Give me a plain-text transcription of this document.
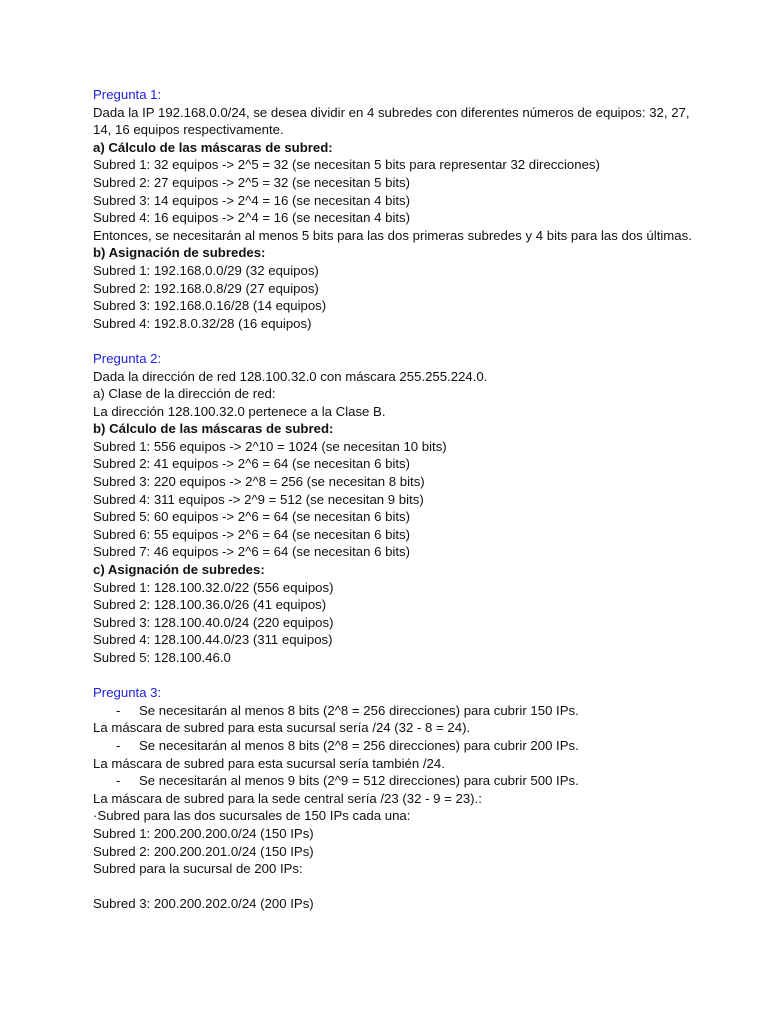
Pregunta 1:
Dada la IP 192.168.0.0/24, se desea dividir en 4 subredes con diferentes números de equipos: 32, 27, 14, 16 equipos respectivamente.
a) Cálculo de las máscaras de subred:
Subred 1: 32 equipos -> 2^5 = 32 (se necesitan 5 bits para representar 32 direcciones)
Subred 2: 27 equipos -> 2^5 = 32 (se necesitan 5 bits)
Subred 3: 14 equipos -> 2^4 = 16 (se necesitan 4 bits)
Subred 4: 16 equipos -> 2^4 = 16 (se necesitan 4 bits)
Entonces, se necesitarán al menos 5 bits para las dos primeras subredes y 4 bits para las dos últimas.
b) Asignación de subredes:
Subred 1: 192.168.0.0/29 (32 equipos)
Subred 2: 192.168.0.8/29 (27 equipos)
Subred 3: 192.168.0.16/28 (14 equipos)
Subred 4: 192.8.0.32/28 (16 equipos)
Pregunta 2:
Dada la dirección de red 128.100.32.0 con máscara 255.255.224.0.
a) Clase de la dirección de red:
La dirección 128.100.32.0 pertenece a la Clase B.
b) Cálculo de las máscaras de subred:
Subred 1: 556 equipos -> 2^10 = 1024 (se necesitan 10 bits)
Subred 2: 41 equipos -> 2^6 = 64 (se necesitan 6 bits)
Subred 3: 220 equipos -> 2^8 = 256 (se necesitan 8 bits)
Subred 4: 311 equipos -> 2^9 = 512 (se necesitan 9 bits)
Subred 5: 60 equipos -> 2^6 = 64 (se necesitan 6 bits)
Subred 6: 55 equipos -> 2^6 = 64 (se necesitan 6 bits)
Subred 7: 46 equipos -> 2^6 = 64 (se necesitan 6 bits)
c) Asignación de subredes:
Subred 1: 128.100.32.0/22 (556 equipos)
Subred 2: 128.100.36.0/26 (41 equipos)
Subred 3: 128.100.40.0/24 (220 equipos)
Subred 4: 128.100.44.0/23 (311 equipos)
Subred 5: 128.100.46.0
Pregunta 3:
- Se necesitarán al menos 8 bits (2^8 = 256 direcciones) para cubrir 150 IPs.
La máscara de subred para esta sucursal sería /24 (32 - 8 = 24).
- Se necesitarán al menos 8 bits (2^8 = 256 direcciones) para cubrir 200 IPs.
La máscara de subred para esta sucursal sería también /24.
- Se necesitarán al menos 9 bits (2^9 = 512 direcciones) para cubrir 500 IPs.
La máscara de subred para la sede central sería /23 (32 - 9 = 23).:
·Subred para las dos sucursales de 150 IPs cada una:
Subred 1: 200.200.200.0/24 (150 IPs)
Subred 2: 200.200.201.0/24 (150 IPs)
Subred para la sucursal de 200 IPs:
Subred 3: 200.200.202.0/24 (200 IPs)
